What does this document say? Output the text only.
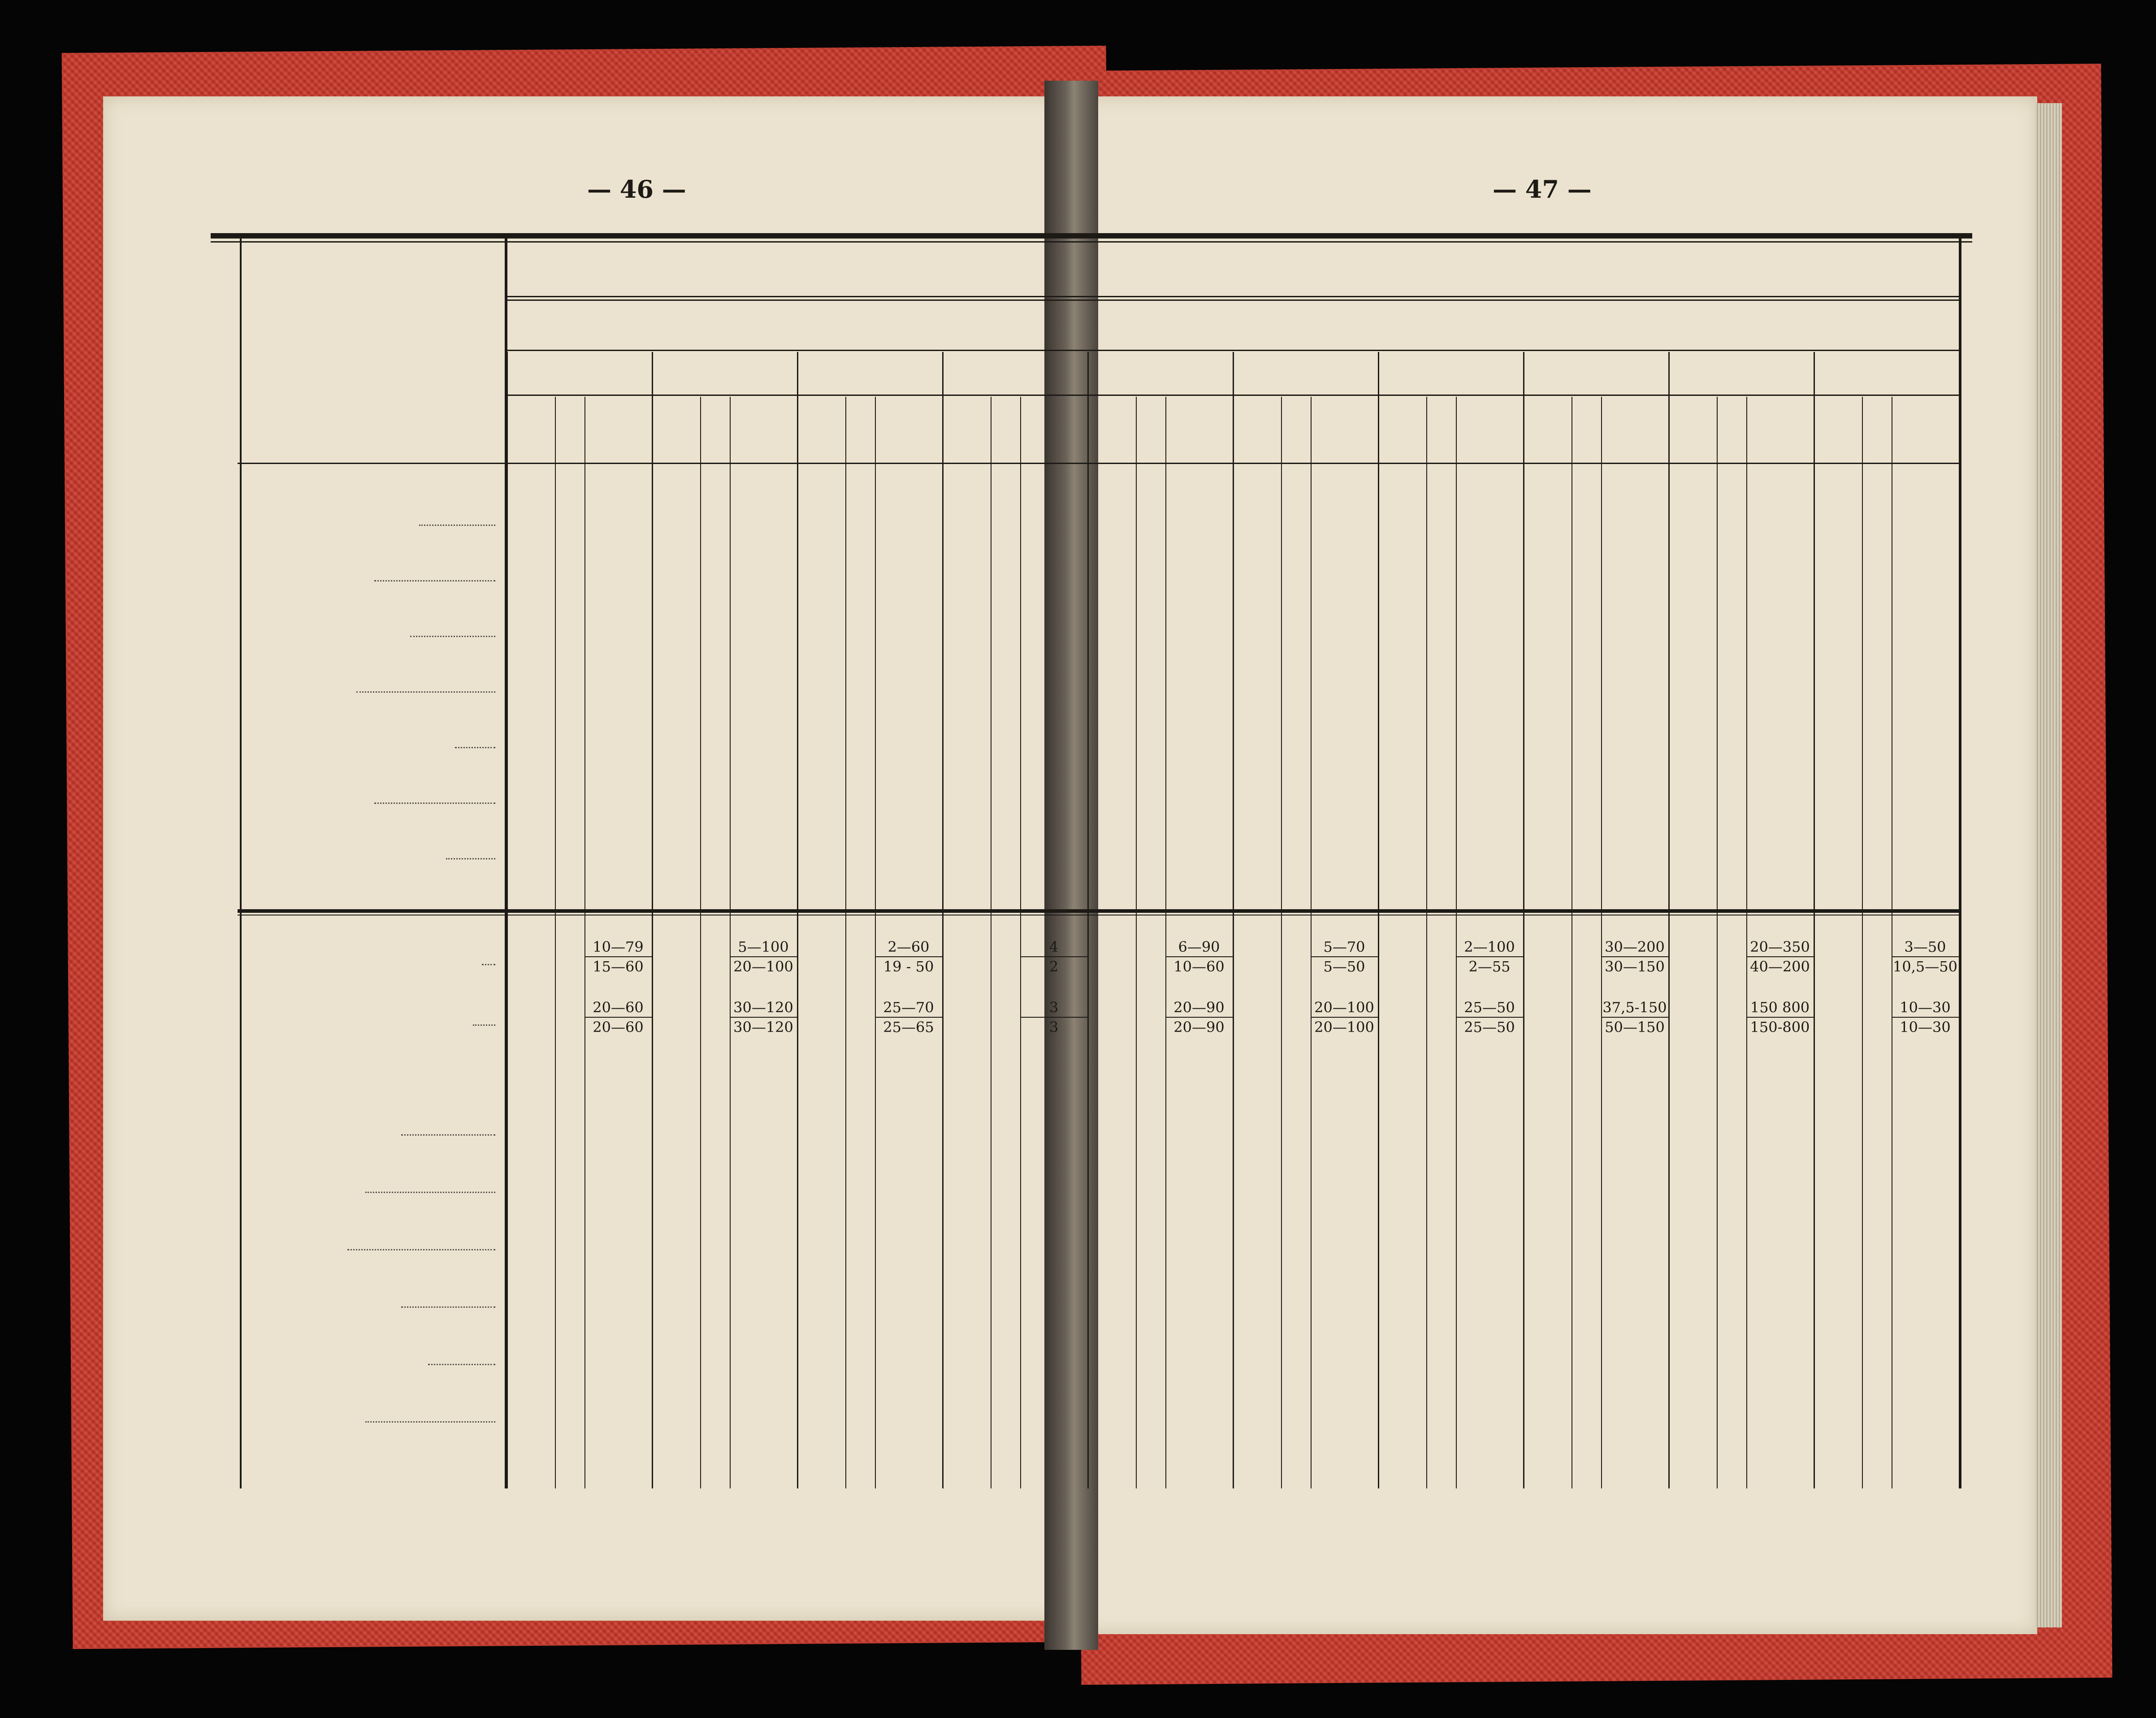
— 46 —	— 47 —
$\frac{10—79}{15—60}$	$\frac{5—100}{20—100}$	$\frac{2—60}{19 - 50}$	$\frac{4}{2}$	$\frac{6—90}{10—60}$	$\frac{5—70}{5—50}$	$\frac{2—100}{2—55}$	$\frac{30—200}{30—150}$	$\frac{20—350}{40—200}$	$\frac{3—50}{10,5—50}$
$\frac{20—60}{20—60}$	$\frac{30—120}{30—120}$	$\frac{25—70}{25—65}$	$\frac{3}{3}$	$\frac{20—90}{20—90}$	$\frac{20—100}{20—100}$	$\frac{25—50}{25—50}$	$\frac{37,5-150}{50—150}$	$\frac{150 800}{150-800}$	$\frac{10—30}{10—30}$
